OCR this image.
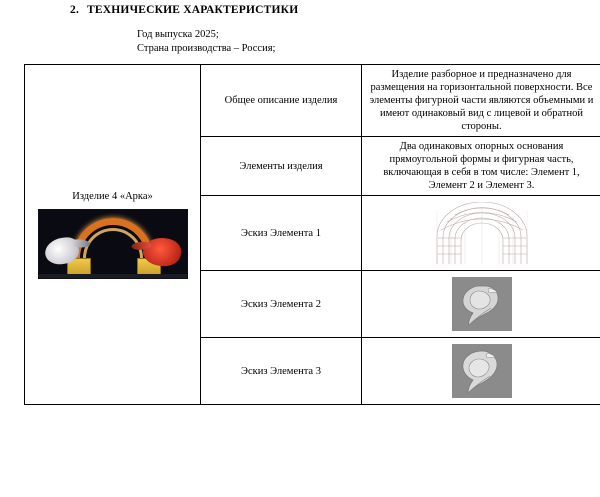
2. ТЕХНИЧЕСКИЕ ХАРАКТЕРИСТИКИ
Год выпуска 2025;
Страна производства – Россия;
Изделие 4 «Арка»	Общее описание изделия	Изделие разборное и предназначено для размещения на горизонтальной поверхности. Все элементы фигурной части являются объемными и имеют одинаковый вид с лицевой и обратной стороны.
	Элементы изделия	Два одинаковых опорных основания прямоугольной формы и фигурная часть, включающая в себя в том числе: Элемент 1, Элемент 2 и Элемент 3.
	Эскиз Элемента 1	

	Эскиз Элемента 2	

	Эскиз Элемента 3	
